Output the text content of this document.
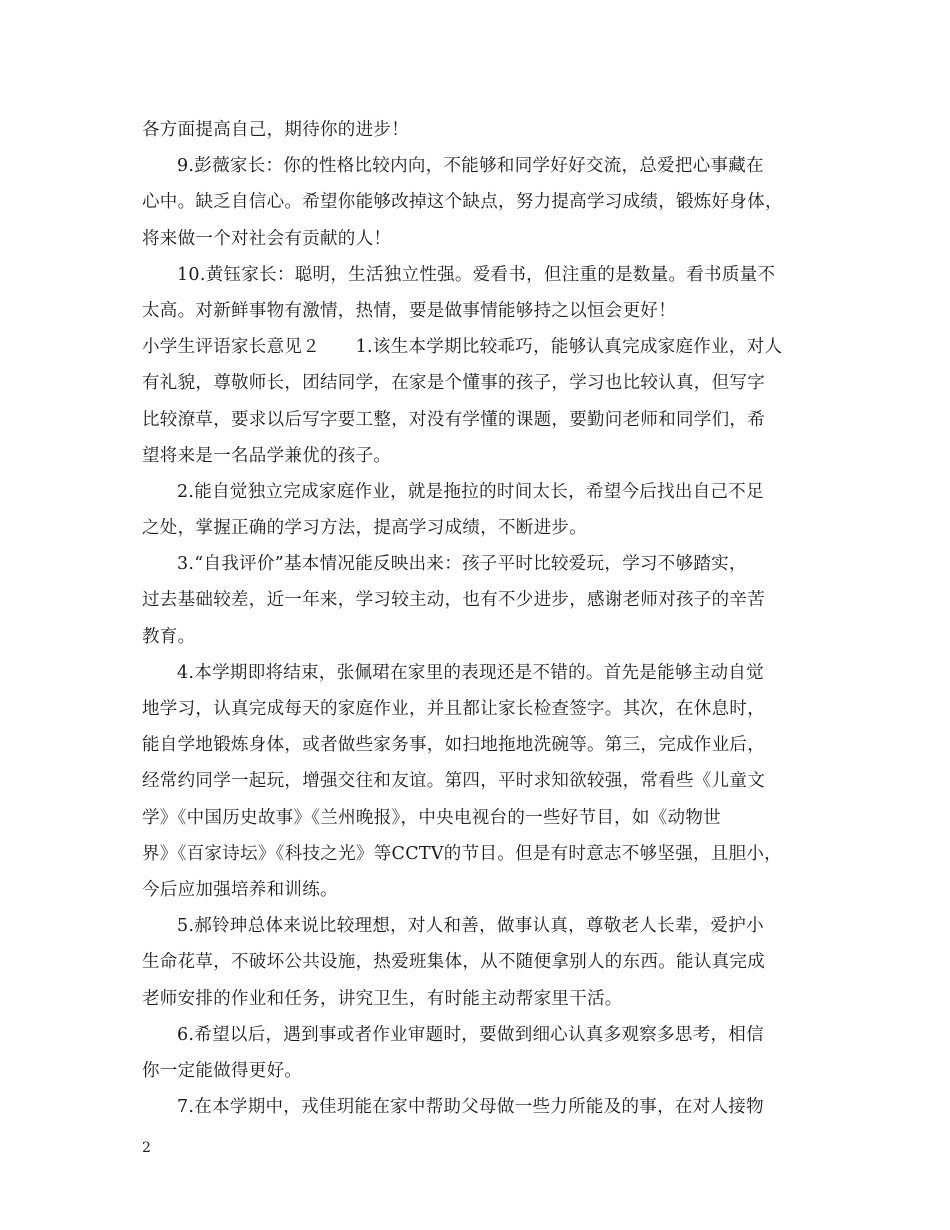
各方面提高自己，期待你的进步！
9.彭薇家长：你的性格比较内向，不能够和同学好好交流，总爱把心事藏在
心中。缺乏自信心。希望你能够改掉这个缺点，努力提高学习成绩，锻炼好身体，
将来做一个对社会有贡献的人！
10.黄钰家长：聪明，生活独立性强。爱看书，但注重的是数量。看书质量不
太高。对新鲜事物有激情，热情，要是做事情能够持之以恒会更好！
小学生评语家长意见２　　1.该生本学期比较乖巧，能够认真完成家庭作业，对人
有礼貌，尊敬师长，团结同学，在家是个懂事的孩子，学习也比较认真，但写字
比较潦草，要求以后写字要工整，对没有学懂的课题，要勤问老师和同学们，希
望将来是一名品学兼优的孩子。
2.能自觉独立完成家庭作业，就是拖拉的时间太长，希望今后找出自己不足
之处，掌握正确的学习方法，提高学习成绩，不断进步。
3.“自我评价”基本情况能反映出来：孩子平时比较爱玩，学习不够踏实，
过去基础较差，近一年来，学习较主动，也有不少进步，感谢老师对孩子的辛苦
教育。
4.本学期即将结束，张佩珺在家里的表现还是不错的。首先是能够主动自觉
地学习，认真完成每天的家庭作业，并且都让家长检查签字。其次，在休息时，
能自学地锻炼身体，或者做些家务事，如扫地拖地洗碗等。第三，完成作业后，
经常约同学一起玩，增强交往和友谊。第四，平时求知欲较强，常看些《儿童文
学》《中国历史故事》《兰州晚报》，中央电视台的一些好节目，如《动物世
界》《百家诗坛》《科技之光》等CCTV的节目。但是有时意志不够坚强，且胆小，
今后应加强培养和训练。
5.郝铃珅总体来说比较理想，对人和善，做事认真，尊敬老人长辈，爱护小
生命花草，不破坏公共设施，热爱班集体，从不随便拿别人的东西。能认真完成
老师安排的作业和任务，讲究卫生，有时能主动帮家里干活。
6.希望以后，遇到事或者作业审题时，要做到细心认真多观察多思考，相信
你一定能做得更好。
7.在本学期中，戎佳玥能在家中帮助父母做一些力所能及的事，在对人接物
2
